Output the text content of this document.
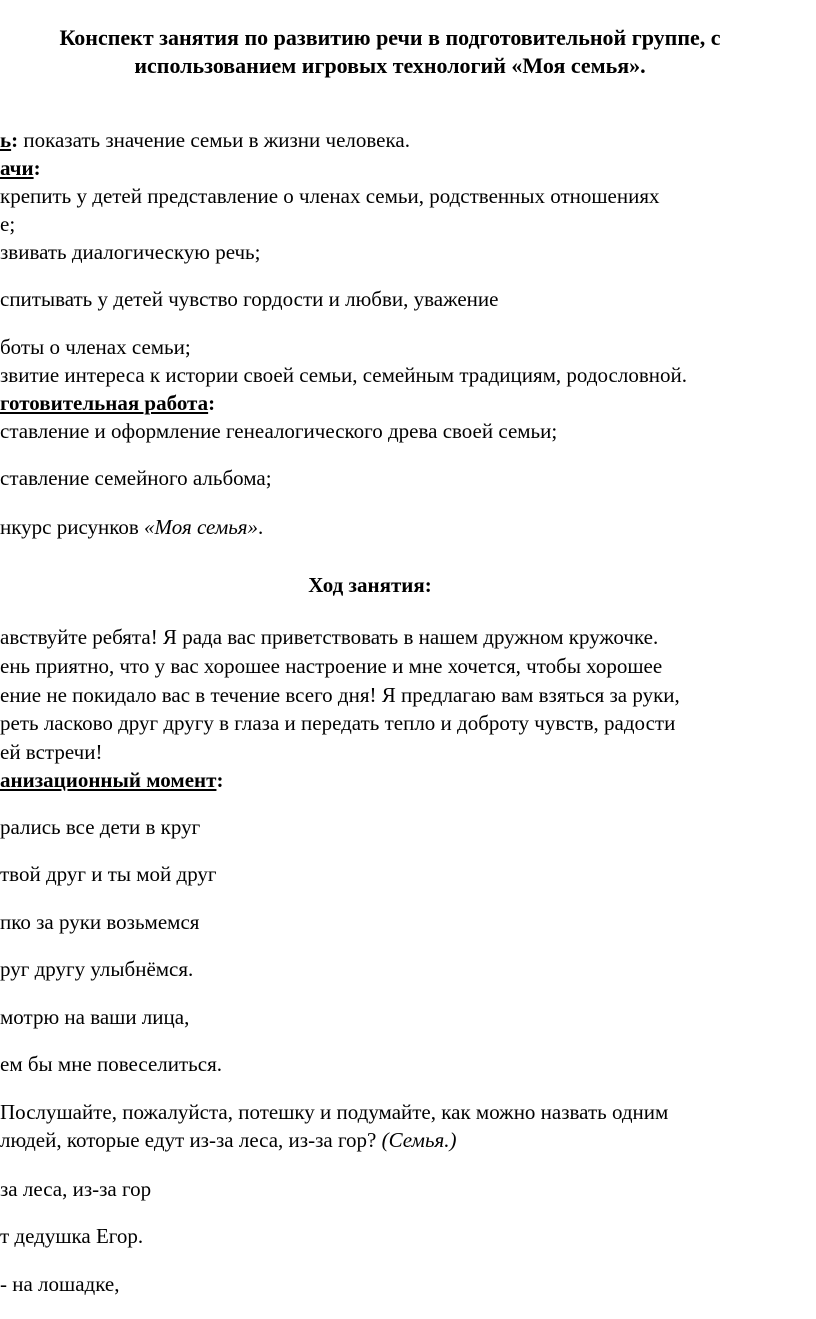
Конспект занятия по развитию речи в подготовительной группе, с
использованием игровых технологий «Моя семья».

ь: показать значение семьи в жизни человека.

ачи:

крепить у детей представление о членах семьи, родственных отношениях

е;

звивать диалогическую речь;

спитывать у детей чувство гордости и любви, уважение

боты о членах семьи;

звитие интереса к истории своей семьи, семейным традициям, родословной.

готовительная работа:

ставление и оформление генеалогического древа своей семьи;

ставление семейного альбома;

нкурс рисунков «Моя семья».

Ход занятия:

авствуйте ребята! Я рада вас приветствовать в нашем дружном кружочке.

ень приятно, что у вас хорошее настроение и мне хочется, чтобы хорошее

ение не покидало вас в течение всего дня! Я предлагаю вам взяться за руки,

реть ласково друг другу в глаза и передать тепло и доброту чувств, радости

ей встречи!

анизационный момент:

рались все дети в круг

твой друг и ты мой друг

пко за руки возьмемся

руг другу улыбнёмся.

мотрю на ваши лица,

ем бы мне повеселиться.

Послушайте, пожалуйста, потешку и подумайте, как можно назвать одним

людей, которые едут из-за леса, из-за гор? (Семья.)

за леса, из-за гор

т дедушка Егор.

- на лошадке,
